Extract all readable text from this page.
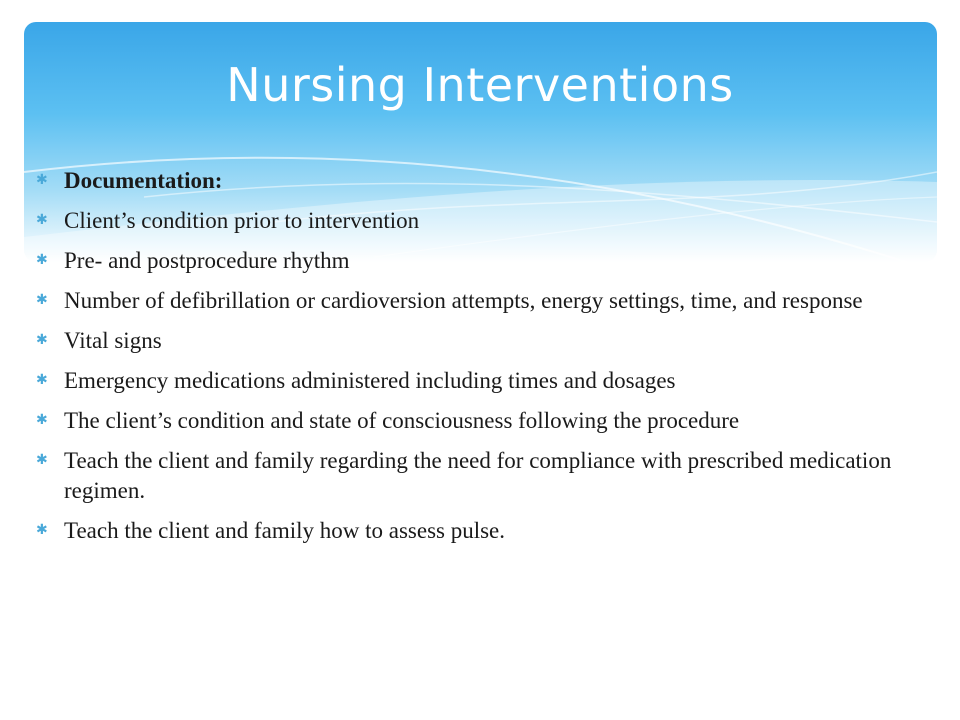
Nursing Interventions
✱ Documentation:
✱ Client’s condition prior to intervention
✱ Pre- and postprocedure rhythm
✱ Number of defibrillation or cardioversion attempts, energy settings, time, and response
✱ Vital signs
✱ Emergency medications administered including times and dosages
✱ The client’s condition and state of consciousness following the procedure
✱ Teach the client and family regarding the need for compliance with prescribed medication regimen.
✱ Teach the client and family how to assess pulse.
